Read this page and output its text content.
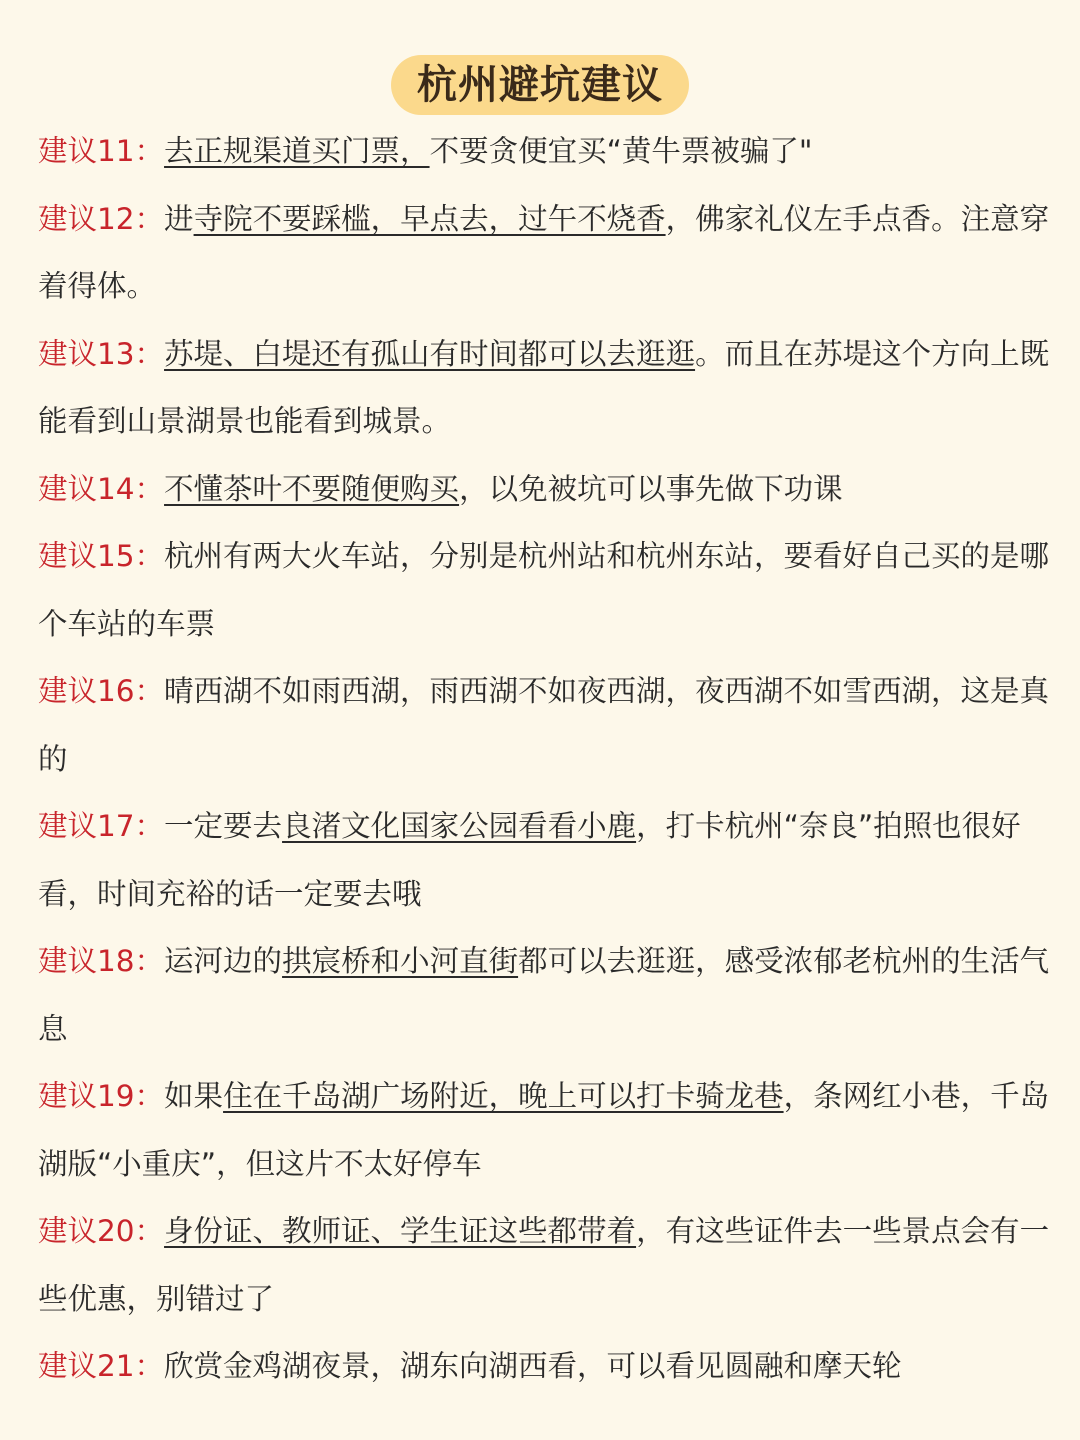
杭州避坑建议

建议11：去正规渠道买门票，不要贪便宜买“黄牛票被骗了"

建议12：进寺院不要踩槛，早点去，过午不烧香，佛家礼仪左手点香。注意穿着得体。

建议13：苏堤、白堤还有孤山有时间都可以去逛逛。而且在苏堤这个方向上既能看到山景湖景也能看到城景。

建议14：不懂茶叶不要随便购买，以免被坑可以事先做下功课

建议15：杭州有两大火车站，分别是杭州站和杭州东站，要看好自己买的是哪个车站的车票

建议16：晴西湖不如雨西湖，雨西湖不如夜西湖，夜西湖不如雪西湖，这是真的

建议17：一定要去良渚文化国家公园看看小鹿，打卡杭州“奈良”拍照也很好看，时间充裕的话一定要去哦

建议18：运河边的拱宸桥和小河直街都可以去逛逛，感受浓郁老杭州的生活气息

建议19：如果住在千岛湖广场附近，晚上可以打卡骑龙巷，条网红小巷，千岛湖版“小重庆”，但这片不太好停车

建议20：身份证、教师证、学生证这些都带着，有这些证件去一些景点会有一些优惠，别错过了

建议21：欣赏金鸡湖夜景，湖东向湖西看，可以看见圆融和摩天轮
